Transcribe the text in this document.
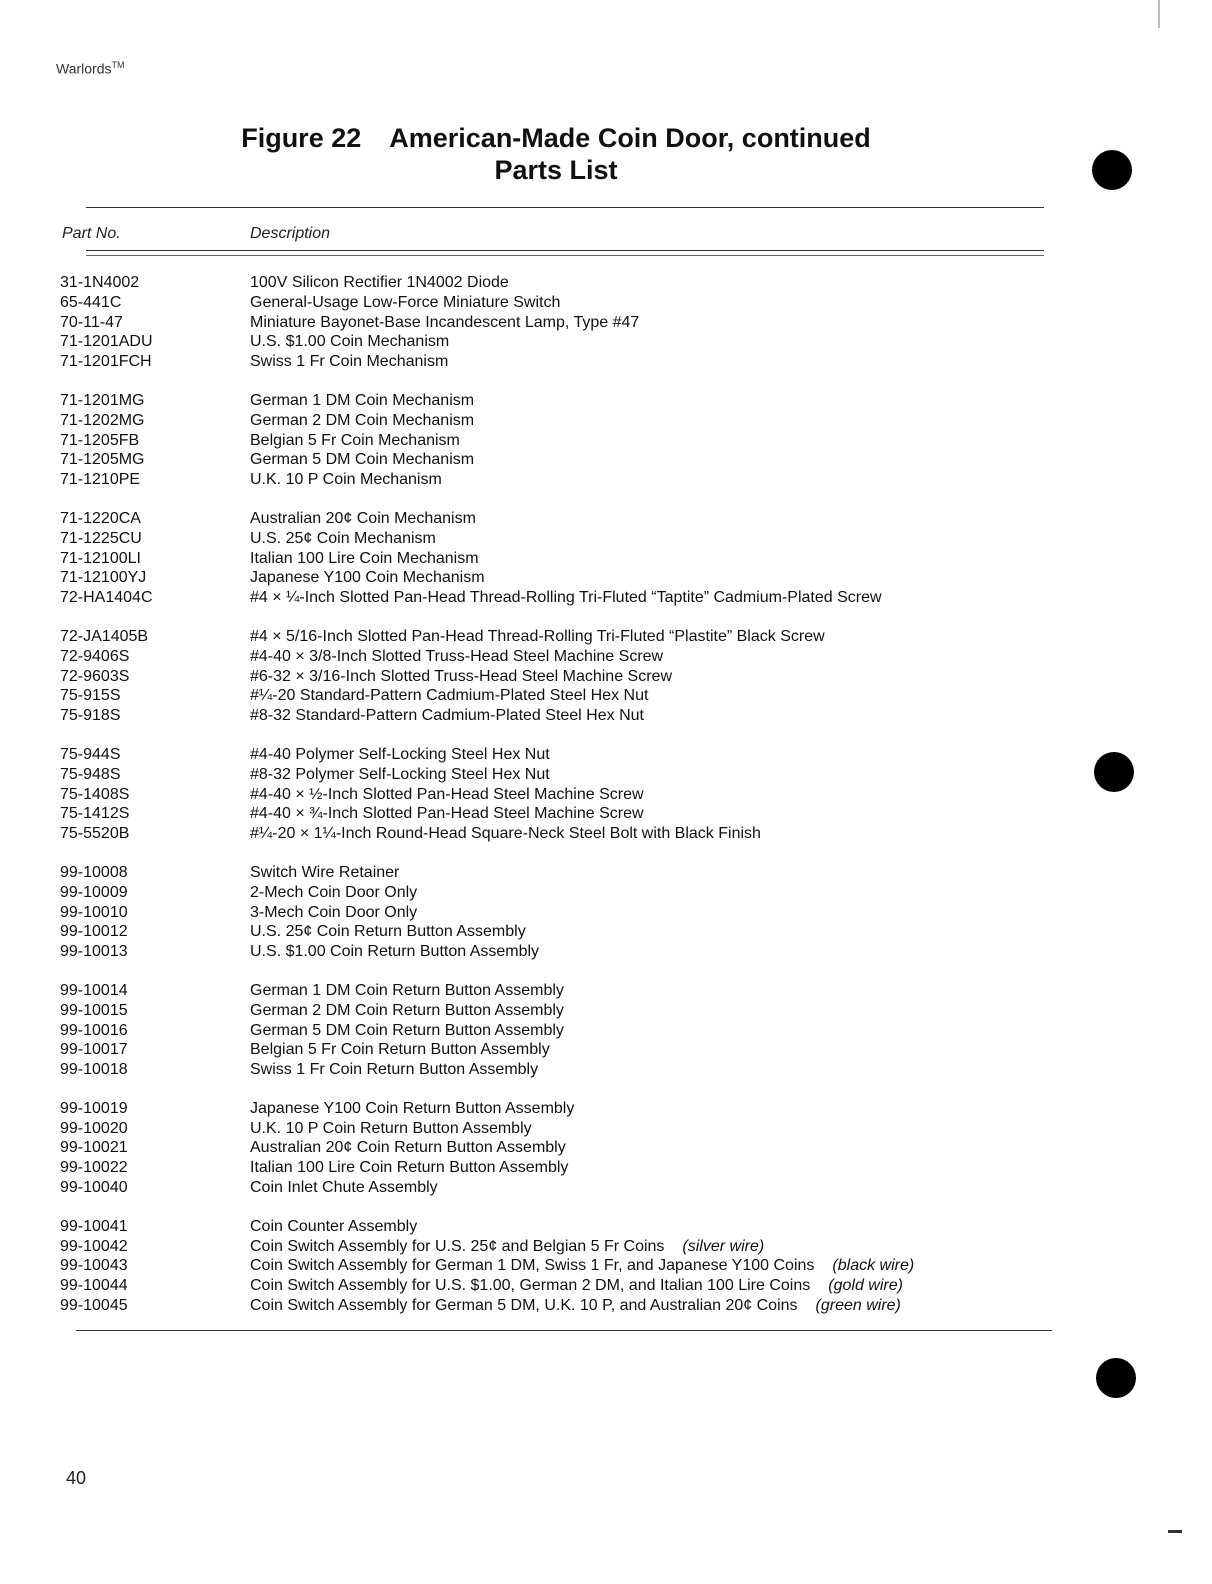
Warlords™
Figure 22 American-Made Coin Door, continued
Parts List
Part No.	Description
31-1N4002	100V Silicon Rectifier 1N4002 Diode
65-441C	General-Usage Low-Force Miniature Switch
70-11-47	Miniature Bayonet-Base Incandescent Lamp, Type #47
71-1201ADU	U.S. $1.00 Coin Mechanism
71-1201FCH	Swiss 1 Fr Coin Mechanism
71-1201MG	German 1 DM Coin Mechanism
71-1202MG	German 2 DM Coin Mechanism
71-1205FB	Belgian 5 Fr Coin Mechanism
71-1205MG	German 5 DM Coin Mechanism
71-1210PE	U.K. 10 P Coin Mechanism
71-1220CA	Australian 20¢ Coin Mechanism
71-1225CU	U.S. 25¢ Coin Mechanism
71-12100LI	Italian 100 Lire Coin Mechanism
71-12100YJ	Japanese Y100 Coin Mechanism
72-HA1404C	#4 × ¼-Inch Slotted Pan-Head Thread-Rolling Tri-Fluted “Taptite” Cadmium-Plated Screw
72-JA1405B	#4 × 5/16-Inch Slotted Pan-Head Thread-Rolling Tri-Fluted “Plastite” Black Screw
72-9406S	#4-40 × 3/8-Inch Slotted Truss-Head Steel Machine Screw
72-9603S	#6-32 × 3/16-Inch Slotted Truss-Head Steel Machine Screw
75-915S	#¼-20 Standard-Pattern Cadmium-Plated Steel Hex Nut
75-918S	#8-32 Standard-Pattern Cadmium-Plated Steel Hex Nut
75-944S	#4-40 Polymer Self-Locking Steel Hex Nut
75-948S	#8-32 Polymer Self-Locking Steel Hex Nut
75-1408S	#4-40 × ½-Inch Slotted Pan-Head Steel Machine Screw
75-1412S	#4-40 × ¾-Inch Slotted Pan-Head Steel Machine Screw
75-5520B	#¼-20 × 1¼-Inch Round-Head Square-Neck Steel Bolt with Black Finish
99-10008	Switch Wire Retainer
99-10009	2-Mech Coin Door Only
99-10010	3-Mech Coin Door Only
99-10012	U.S. 25¢ Coin Return Button Assembly
99-10013	U.S. $1.00 Coin Return Button Assembly
99-10014	German 1 DM Coin Return Button Assembly
99-10015	German 2 DM Coin Return Button Assembly
99-10016	German 5 DM Coin Return Button Assembly
99-10017	Belgian 5 Fr Coin Return Button Assembly
99-10018	Swiss 1 Fr Coin Return Button Assembly
99-10019	Japanese Y100 Coin Return Button Assembly
99-10020	U.K. 10 P Coin Return Button Assembly
99-10021	Australian 20¢ Coin Return Button Assembly
99-10022	Italian 100 Lire Coin Return Button Assembly
99-10040	Coin Inlet Chute Assembly
99-10041	Coin Counter Assembly
99-10042	Coin Switch Assembly for U.S. 25¢ and Belgian 5 Fr Coins (silver wire)
99-10043	Coin Switch Assembly for German 1 DM, Swiss 1 Fr, and Japanese Y100 Coins (black wire)
99-10044	Coin Switch Assembly for U.S. $1.00, German 2 DM, and Italian 100 Lire Coins (gold wire)
99-10045	Coin Switch Assembly for German 5 DM, U.K. 10 P, and Australian 20¢ Coins (green wire)
40
